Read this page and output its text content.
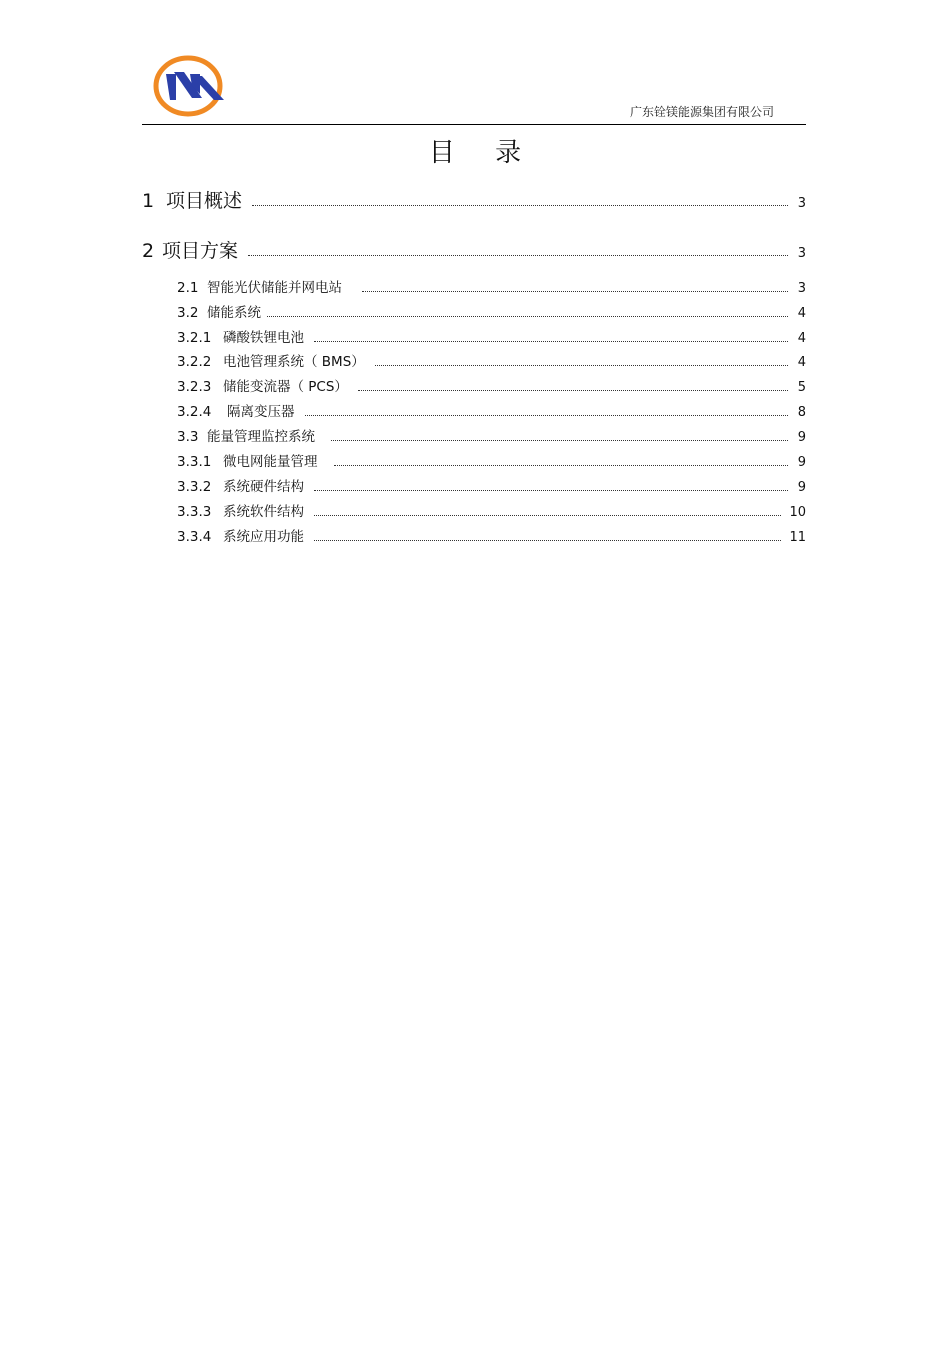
广东铨镁能源集团有限公司
目 录
1 项目概述	3
2 项目方案	3
2.1 智能光伏储能并网电站	3
3.2 储能系统	4
3.2.1 磷酸铁锂电池	4
3.2.2 电池管理系统（ BMS）	4
3.2.3 储能变流器（ PCS）	5
3.2.4	隔离变压器	8
3.3 能量管理监控系统	9
3.3.1 微电网能量管理	9
3.3.2 系统硬件结构	9
3.3.3 系统软件结构	10
3.3.4 系统应用功能	11
